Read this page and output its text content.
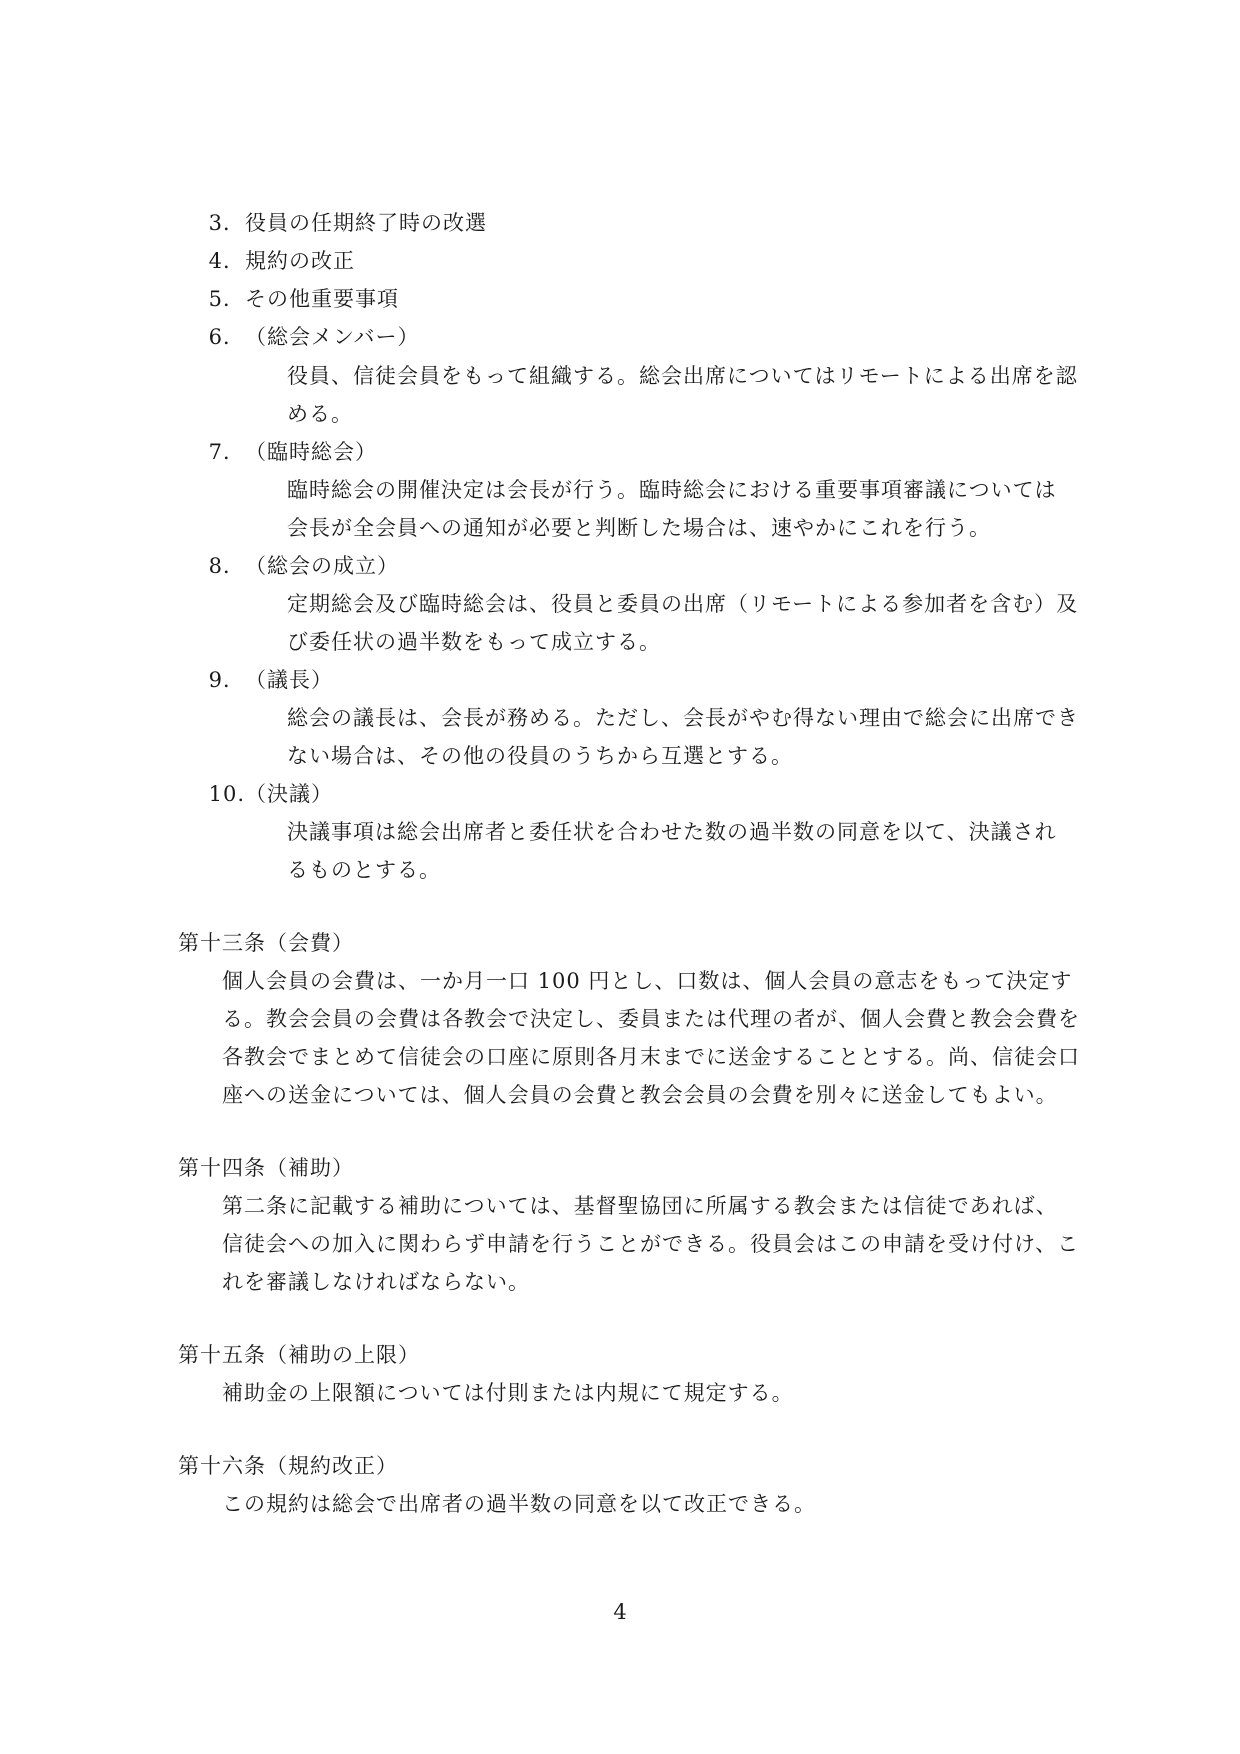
3．役員の任期終了時の改選
4．規約の改正
5．その他重要事項
6．（総会メンバー）
役員、信徒会員をもって組織する。総会出席についてはリモートによる出席を認
める。
7．（臨時総会）
臨時総会の開催決定は会長が行う。臨時総会における重要事項審議については
会長が全会員への通知が必要と判断した場合は、速やかにこれを行う。
8．（総会の成立）
定期総会及び臨時総会は、役員と委員の出席（リモートによる参加者を含む）及
び委任状の過半数をもって成立する。
9．（議長）
総会の議長は、会長が務める。ただし、会長がやむ得ない理由で総会に出席でき
ない場合は、その他の役員のうちから互選とする。
10.（決議）
決議事項は総会出席者と委任状を合わせた数の過半数の同意を以て、決議され
るものとする。
第十三条（会費）
個人会員の会費は、一か月一口 100 円とし、口数は、個人会員の意志をもって決定す
る。教会会員の会費は各教会で決定し、委員または代理の者が、個人会費と教会会費を
各教会でまとめて信徒会の口座に原則各月末までに送金することとする。尚、信徒会口
座への送金については、個人会員の会費と教会会員の会費を別々に送金してもよい。
第十四条（補助）
第二条に記載する補助については、基督聖協団に所属する教会または信徒であれば、
信徒会への加入に関わらず申請を行うことができる。役員会はこの申請を受け付け、こ
れを審議しなければならない。
第十五条（補助の上限）
補助金の上限額については付則または内規にて規定する。
第十六条（規約改正）
この規約は総会で出席者の過半数の同意を以て改正できる。
4
